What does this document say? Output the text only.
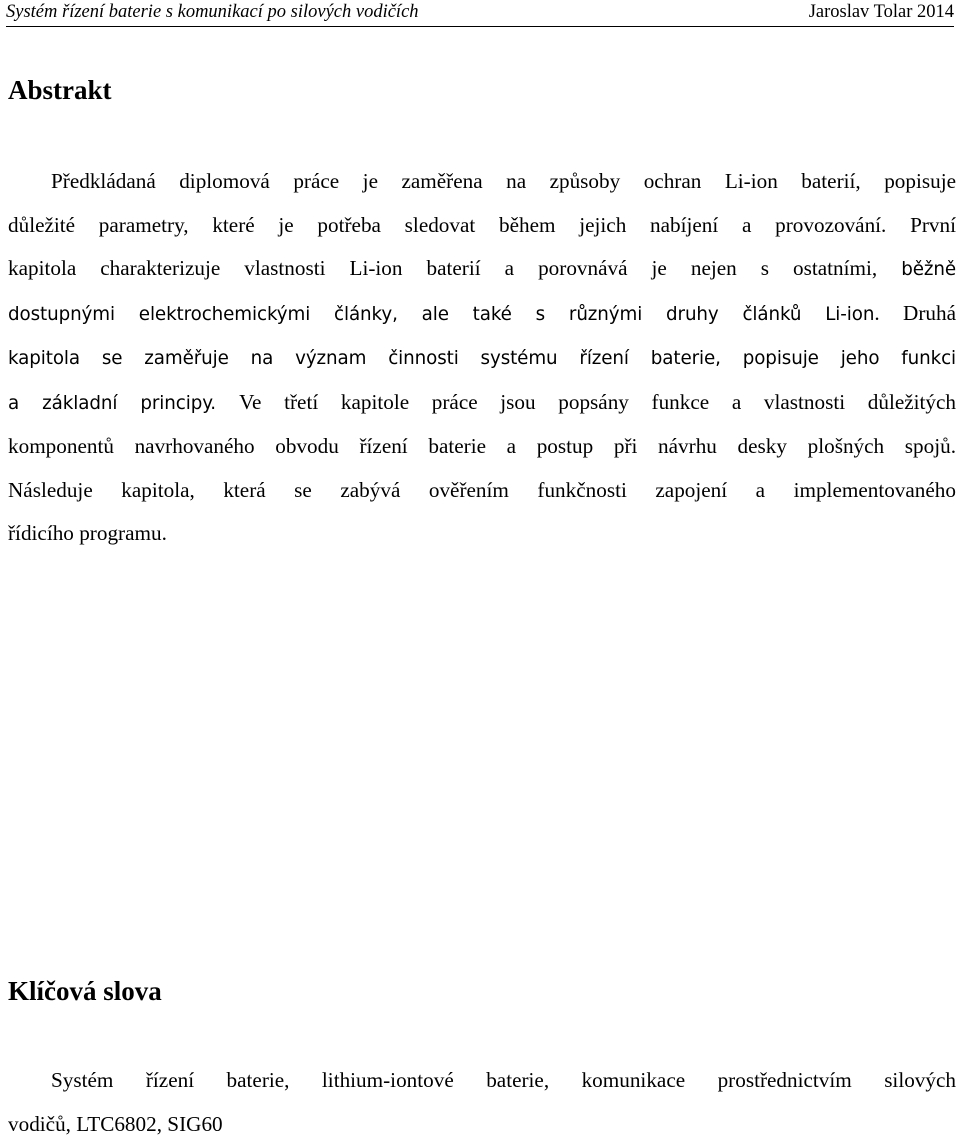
Systém řízení baterie s komunikací po silových vodičích	Jaroslav Tolar 2014
Abstrakt
Předkládaná diplomová práce je zaměřena na způsoby ochran Li-ion baterií, popisuje
důležité parametry, které je potřeba sledovat během jejich nabíjení a provozování. První
kapitola charakterizuje vlastnosti Li-ion baterií a porovnává je nejen s ostatními, běžně
dostupnými elektrochemickými články, ale také s různými druhy článků Li-ion. Druhá
kapitola se zaměřuje na význam činnosti systému řízení baterie, popisuje jeho funkci
a základní principy. Ve třetí kapitole práce jsou popsány funkce a vlastnosti důležitých
komponentů navrhovaného obvodu řízení baterie a postup při návrhu desky plošných spojů.
Následuje kapitola, která se zabývá ověřením funkčnosti zapojení a implementovaného
řídicího programu.
Klíčová slova
Systém řízení baterie, lithium-iontové baterie, komunikace prostřednictvím silových
vodičů, LTC6802, SIG60
